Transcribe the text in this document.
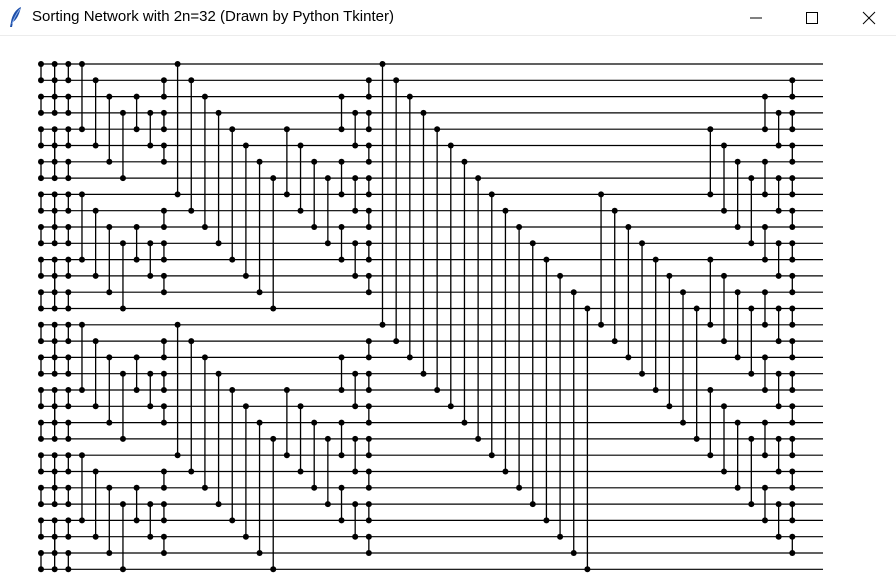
Sorting Network with 2n=32 (Drawn by Python Tkinter)
